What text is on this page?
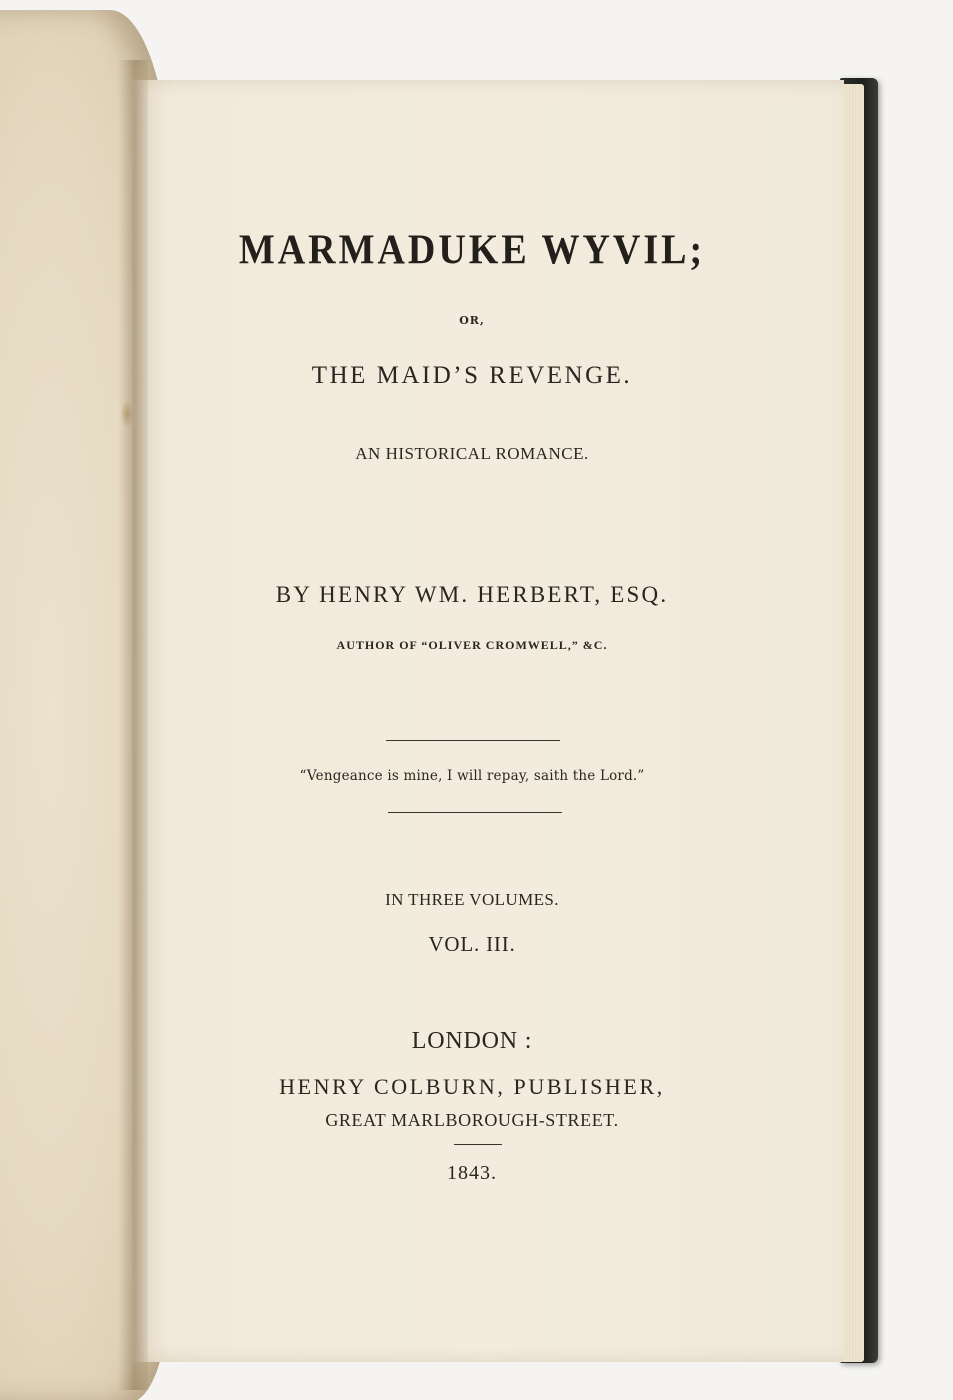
MARMADUKE WYVIL;
OR,
THE MAID’S REVENGE.
AN HISTORICAL ROMANCE.
BY HENRY WM. HERBERT, ESQ.
AUTHOR OF “OLIVER CROMWELL,” &C.
“Vengeance is mine, I will repay, saith the Lord.”
IN THREE VOLUMES.
VOL. III.
LONDON :
HENRY COLBURN, PUBLISHER,
GREAT MARLBOROUGH-STREET.
1843.
